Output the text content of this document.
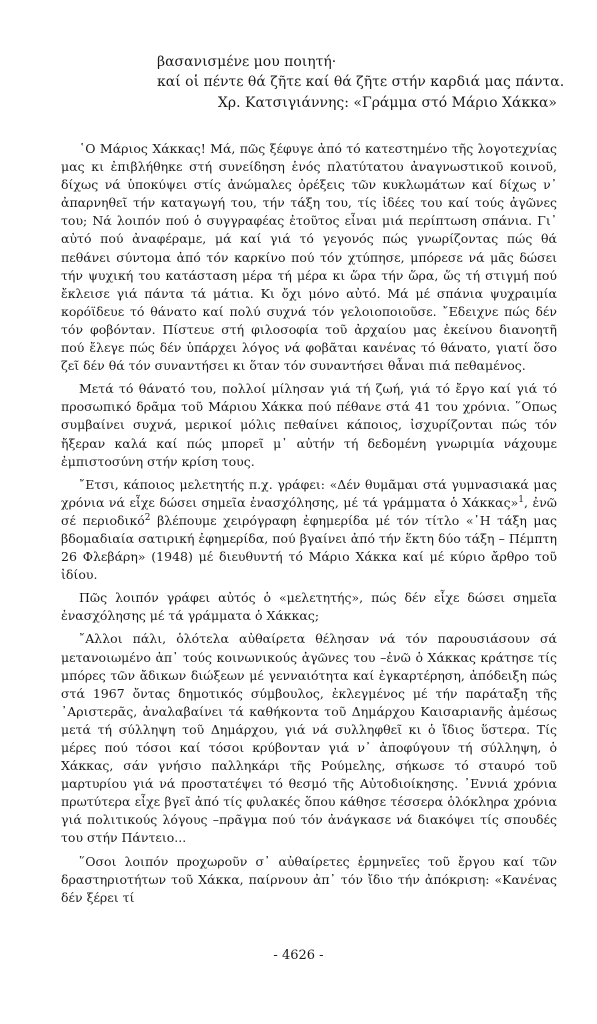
βασανισμένε μου ποιητή·
καί οἱ πέντε θά ζῆτε καί θά ζῆτε στήν καρδιά μας πάντα.
Χρ. Κατσιγιάννης: «Γράμμα στό Μάριο Χάκκα»

῾Ο Μάριος Χάκκας! Μά, πῶς ξέφυγε ἀπό τό κατεστημένο τῆς λογοτεχνίας μας κι ἐπιβλήθηκε στή συνείδηση ἑνός πλατύτατου ἀναγνωστικοῦ κοινοῦ, δίχως νά ὑποκύψει στίς ἀνώμαλες ὀρέξεις τῶν κυκλωμάτων καί δίχως ν᾽ ἀπαρνηθεῖ τήν καταγωγή του, τήν τάξη του, τίς ἰδέες του καί τούς ἀγῶνες του; Νά λοιπόν πού ὁ συγγραφέας ἐτοῦτος εἶναι μιά περίπτωση σπάνια. Γι᾽ αὐτό πού ἀναφέραμε, μά καί γιά τό γεγονός πώς γνωρίζοντας πώς θά πεθάνει σύντομα ἀπό τόν καρκίνο πού τόν χτύπησε, μπόρεσε νά μᾶς δώσει τήν ψυχική του κατάσταση μέρα τή μέρα κι ὥρα τήν ὥρα, ὥς τή στιγμή πού ἔκλεισε γιά πάντα τά μάτια. Κι ὄχι μόνο αὐτό. Μά μέ σπάνια ψυχραιμία κορόϊδευε τό θάνατο καί πολύ συχνά τόν γελοιοποιοῦσε. ῎Εδειχνε πώς δέν τόν φοβόνταν. Πίστευε στή φιλοσοφία τοῦ ἀρχαίου μας ἐκείνου διανοητῆ πού ἔλεγε πώς δέν ὑπάρχει λόγος νά φοβᾶται κανένας τό θάνατο, γιατί ὅσο ζεῖ δέν θά τόν συναντήσει κι ὅταν τόν συναντήσει θἆναι πιά πεθαμένος.

Μετά τό θάνατό του, πολλοί μίλησαν γιά τή ζωή, γιά τό ἔργο καί γιά τό προσωπικό δρᾶμα τοῦ Μάριου Χάκκα πού πέθανε στά 41 του χρόνια. ῞Οπως συμβαίνει συχνά, μερικοί μόλις πεθαίνει κάποιος, ἰσχυρίζονται πώς τόν ἤξεραν καλά καί πώς μπορεῖ μ᾽ αὐτήν τή δεδομένη γνωριμία νάχουμε ἐμπιστοσύνη στήν κρίση τους.

῎Ετσι, κάποιος μελετητής π.χ. γράφει: «Δέν θυμᾶμαι στά γυμνασιακά μας χρόνια νά εἶχε δώσει σημεῖα ἐνασχόλησης, μέ τά γράμματα ὁ Χάκκας»$^1$, ἐνῶ σέ περιοδικό$^2$ βλέπουμε χειρόγραφη ἐφημερίδα μέ τόν τίτλο «῾Η τάξη μας βδομαδιαία σατιρική ἐφημερίδα, πού βγαίνει ἀπό τήν ἕκτη δύο τάξη – Πέμπτη 26 Φλεβάρη» (1948) μέ διευθυντή τό Μάριο Χάκκα καί μέ κύριο ἄρθρο τοῦ ἰδίου.

Πῶς λοιπόν γράφει αὐτός ὁ «μελετητής», πώς δέν εἶχε δώσει σημεῖα ἐνασχόλησης μέ τά γράμματα ὁ Χάκκας;

῎Αλλοι πάλι, ὁλότελα αὐθαίρετα θέλησαν νά τόν παρουσιάσουν σά μετανοιωμένο ἀπ᾽ τούς κοινωνικούς ἀγῶνες του –ἐνῶ ὁ Χάκκας κράτησε τίς μπόρες τῶν ἄδικων διώξεων μέ γενναιότητα καί ἐγκαρτέρηση, ἀπόδειξη πώς στά 1967 ὄντας δημοτικός σύμβουλος, ἐκλεγμένος μέ τήν παράταξη τῆς ᾽Αριστερᾶς, ἀναλαβαίνει τά καθήκοντα τοῦ Δημάρχου Καισαριανῆς ἀμέσως μετά τή σύλληψη τοῦ Δημάρχου, γιά νά συλληφθεῖ κι ὁ ἴδιος ὕστερα. Τίς μέρες πού τόσοι καί τόσοι κρύβονταν γιά ν᾽ ἀποφύγουν τή σύλληψη, ὁ Χάκκας, σάν γνήσιο παλληκάρι τῆς Ρούμελης, σήκωσε τό σταυρό τοῦ μαρτυρίου γιά νά προστατέψει τό θεσμό τῆς Αὐτοδιοίκησης. ᾽Εννιά χρόνια πρωτύτερα εἶχε βγεῖ ἀπό τίς φυλακές ὅπου κάθησε τέσσερα ὁλόκληρα χρόνια γιά πολιτικούς λόγους –πρᾶγμα πού τόν ἀνάγκασε νά διακόψει τίς σπουδές του στήν Πάντειο...

῞Οσοι λοιπόν προχωροῦν σ᾽ αὐθαίρετες ἑρμηνεῖες τοῦ ἔργου καί τῶν δραστηριοτήτων τοῦ Χάκκα, παίρνουν ἀπ᾽ τόν ἴδιο τήν ἀπόκριση: «Κανένας δέν ξέρει τί

- 4626 -
